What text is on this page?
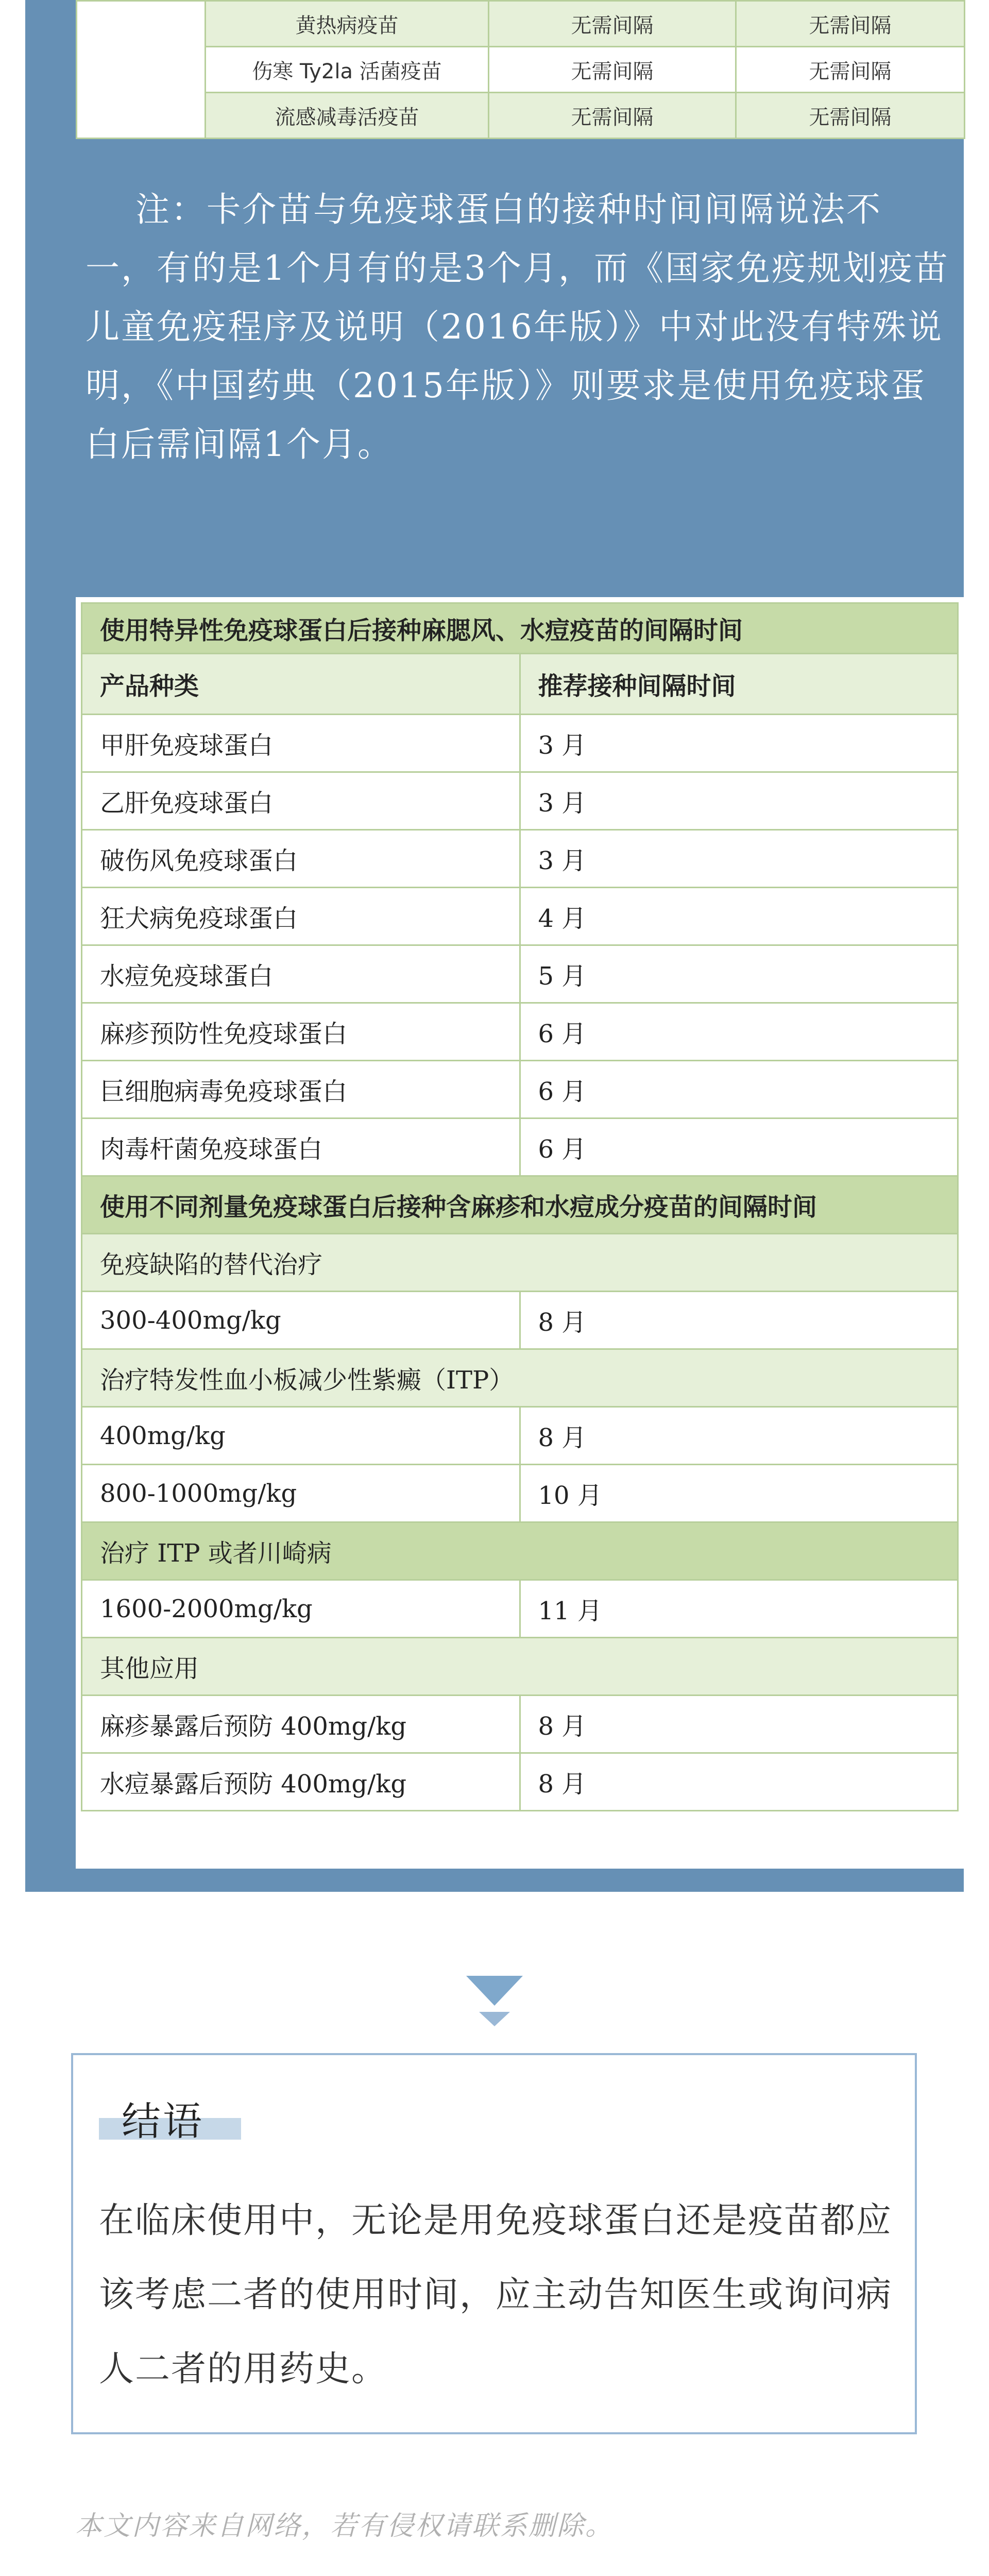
	黄热病疫苗	无需间隔	无需间隔
	伤寒 Ty2la 活菌疫苗	无需间隔	无需间隔
	流感减毒活疫苗	无需间隔	无需间隔

注：卡介苗与免疫球蛋白的接种时间间隔说法不一，有的是1个月有的是3个月，而《国家免疫规划疫苗儿童免疫程序及说明（2016年版）》中对此没有特殊说明，《中国药典（2015年版）》则要求是使用免疫球蛋白后需间隔1个月。

使用特异性免疫球蛋白后接种麻腮风、水痘疫苗的间隔时间	
产品种类	推荐接种间隔时间
甲肝免疫球蛋白	3 月
乙肝免疫球蛋白	3 月
破伤风免疫球蛋白	3 月
狂犬病免疫球蛋白	4 月
水痘免疫球蛋白	5 月
麻疹预防性免疫球蛋白	6 月
巨细胞病毒免疫球蛋白	6 月
肉毒杆菌免疫球蛋白	6 月
使用不同剂量免疫球蛋白后接种含麻疹和水痘成分疫苗的间隔时间	
免疫缺陷的替代治疗	
300-400mg/kg	8 月
治疗特发性血小板减少性紫癜（ITP）	
400mg/kg	8 月
800-1000mg/kg	10 月
治疗 ITP 或者川崎病	
1600-2000mg/kg	11 月
其他应用	
麻疹暴露后预防 400mg/kg	8 月
水痘暴露后预防 400mg/kg	8 月
结语

在临床使用中，无论是用免疫球蛋白还是疫苗都应该考虑二者的使用时间，应主动告知医生或询问病人二者的用药史。

本文内容来自网络，若有侵权请联系删除。
